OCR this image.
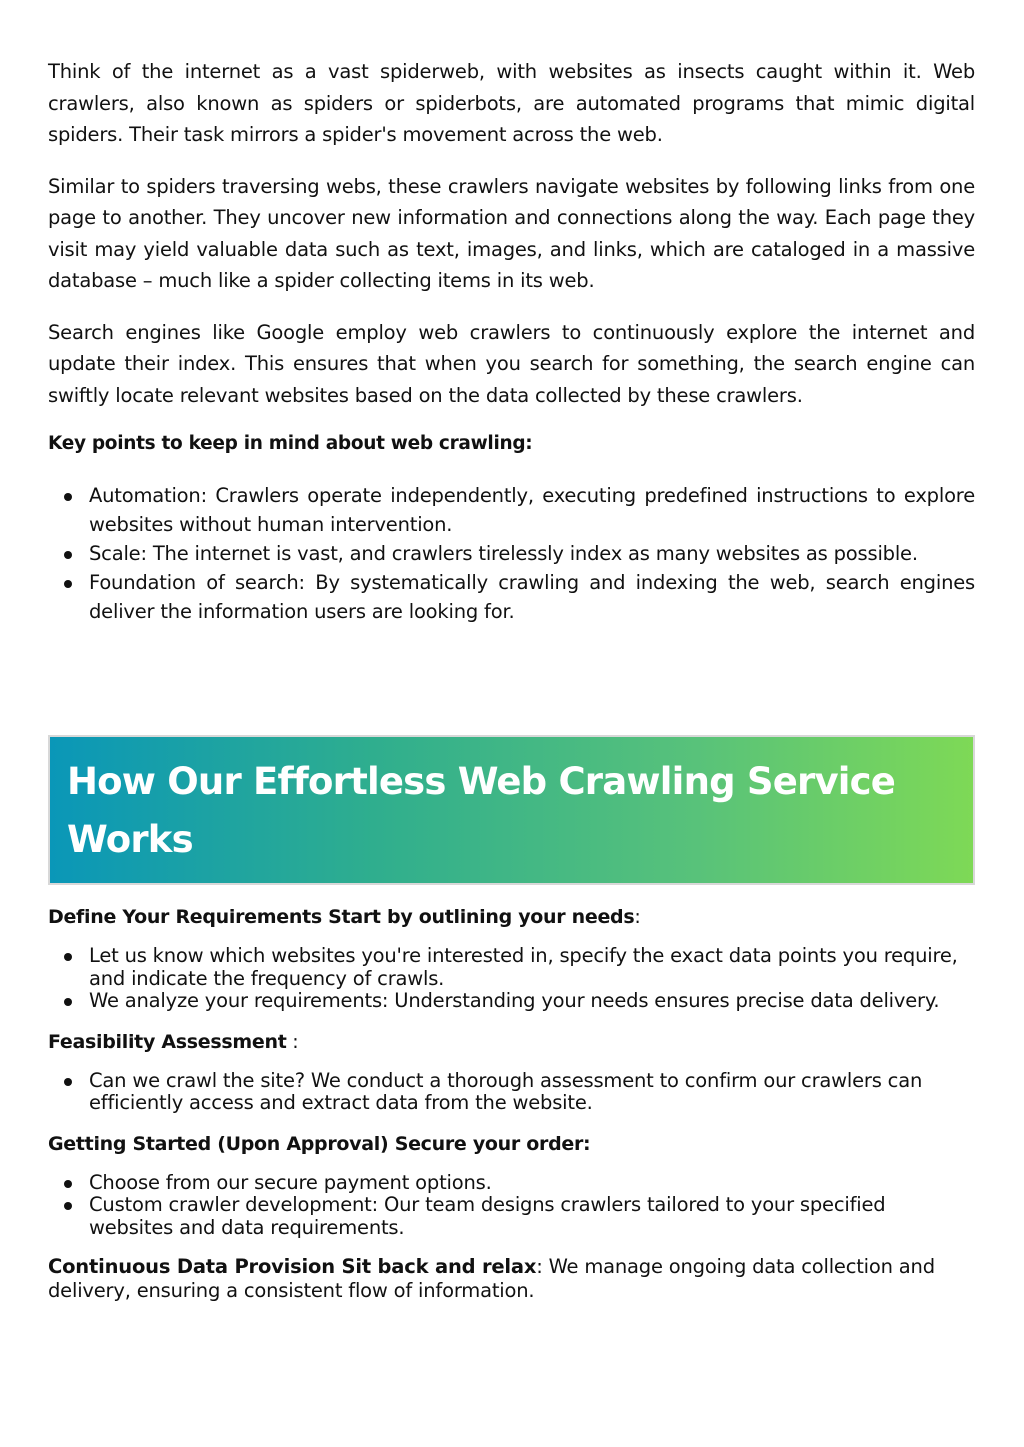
Think of the internet as a vast spiderweb, with websites as insects caught within it. Web crawlers, also known as spiders or spiderbots, are automated programs that mimic digital spiders. Their task mirrors a spider's movement across the web.

Similar to spiders traversing webs, these crawlers navigate websites by following links from one page to another. They uncover new information and connections along the way. Each page they visit may yield valuable data such as text, images, and links, which are cataloged in a massive database – much like a spider collecting items in its web.

Search engines like Google employ web crawlers to continuously explore the internet and update their index. This ensures that when you search for something, the search engine can swiftly locate relevant websites based on the data collected by these crawlers.

Key points to keep in mind about web crawling:
Automation: Crawlers operate independently, executing predefined instructions to explore websites without human intervention.
Scale: The internet is vast, and crawlers tirelessly index as many websites as possible.
Foundation of search: By systematically crawling and indexing the web, search engines deliver the information users are looking for.
How Our Effortless Web Crawling Service
Works

Define Your Requirements Start by outlining your needs:

Let us know which websites you're interested in, specify the exact data points you require, and indicate the frequency of crawls.
We analyze your requirements: Understanding your needs ensures precise data delivery.

Feasibility Assessment :

Can we crawl the site? We conduct a thorough assessment to confirm our crawlers can efficiently access and extract data from the website.

Getting Started (Upon Approval) Secure your order:

Choose from our secure payment options.
Custom crawler development: Our team designs crawlers tailored to your specified websites and data requirements.

Continuous Data Provision Sit back and relax: We manage ongoing data collection and delivery, ensuring a consistent flow of information.
